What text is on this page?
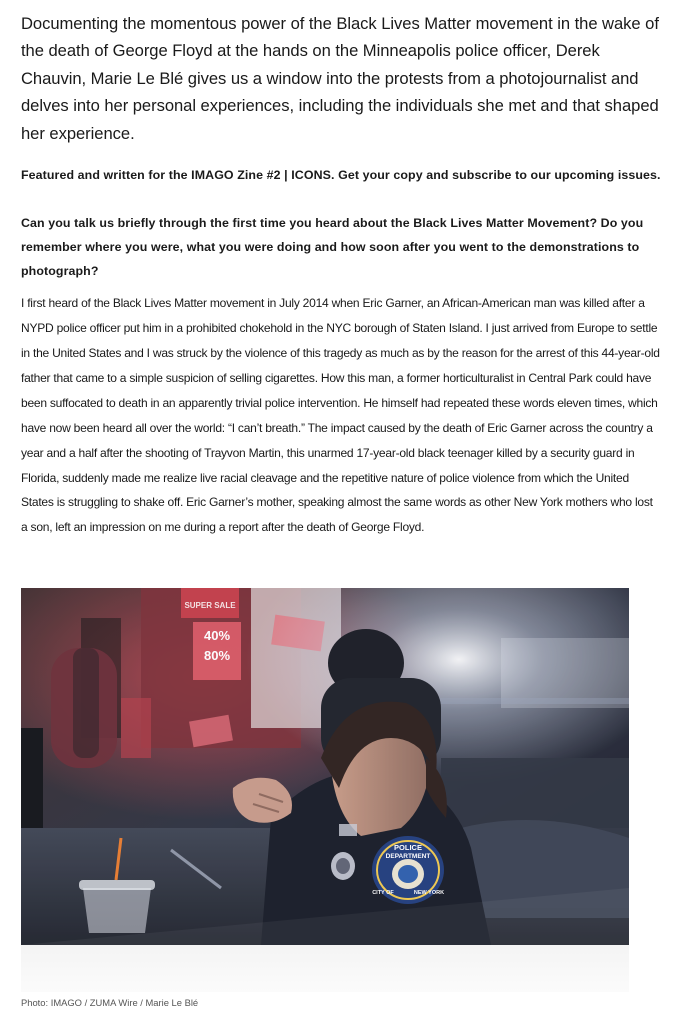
Documenting the momentous power of the Black Lives Matter movement in the wake of the death of George Floyd at the hands on the Minneapolis police officer, Derek Chauvin, Marie Le Blé gives us a window into the protests from a photojournalist and delves into her personal experiences, including the individuals she met and that shaped her experience.

Featured and written for the IMAGO Zine #2 | ICONS. Get your copy and subscribe to our upcoming issues.

Can you talk us briefly through the first time you heard about the Black Lives Matter Movement? Do you remember where you were, what you were doing and how soon after you went to the demonstrations to photograph?

I first heard of the Black Lives Matter movement in July 2014 when Eric Garner, an African-American man was killed after a NYPD police officer put him in a prohibited chokehold in the NYC borough of Staten Island. I just arrived from Europe to settle in the United States and I was struck by the violence of this tragedy as much as by the reason for the arrest of this 44-year-old father that came to a simple suspicion of selling cigarettes. How this man, a former horticulturalist in Central Park could have been suffocated to death in an apparently trivial police intervention. He himself had repeated these words eleven times, which have now been heard all over the world: “I can’t breath.” The impact caused by the death of Eric Garner across the country a year and a half after the shooting of Trayvon Martin, this unarmed 17-year-old black teenager killed by a security guard in Florida, suddenly made me realize live racial cleavage and the repetitive nature of police violence from which the United States is struggling to shake off. Eric Garner’s mother, speaking almost the same words as other New York mothers who lost a son, left an impression on me during a report after the death of George Floyd.

POLICE
DEPARTMENT
CITY OF	NEW YORK
Photo: IMAGO / ZUMA Wire / Marie Le Blé
